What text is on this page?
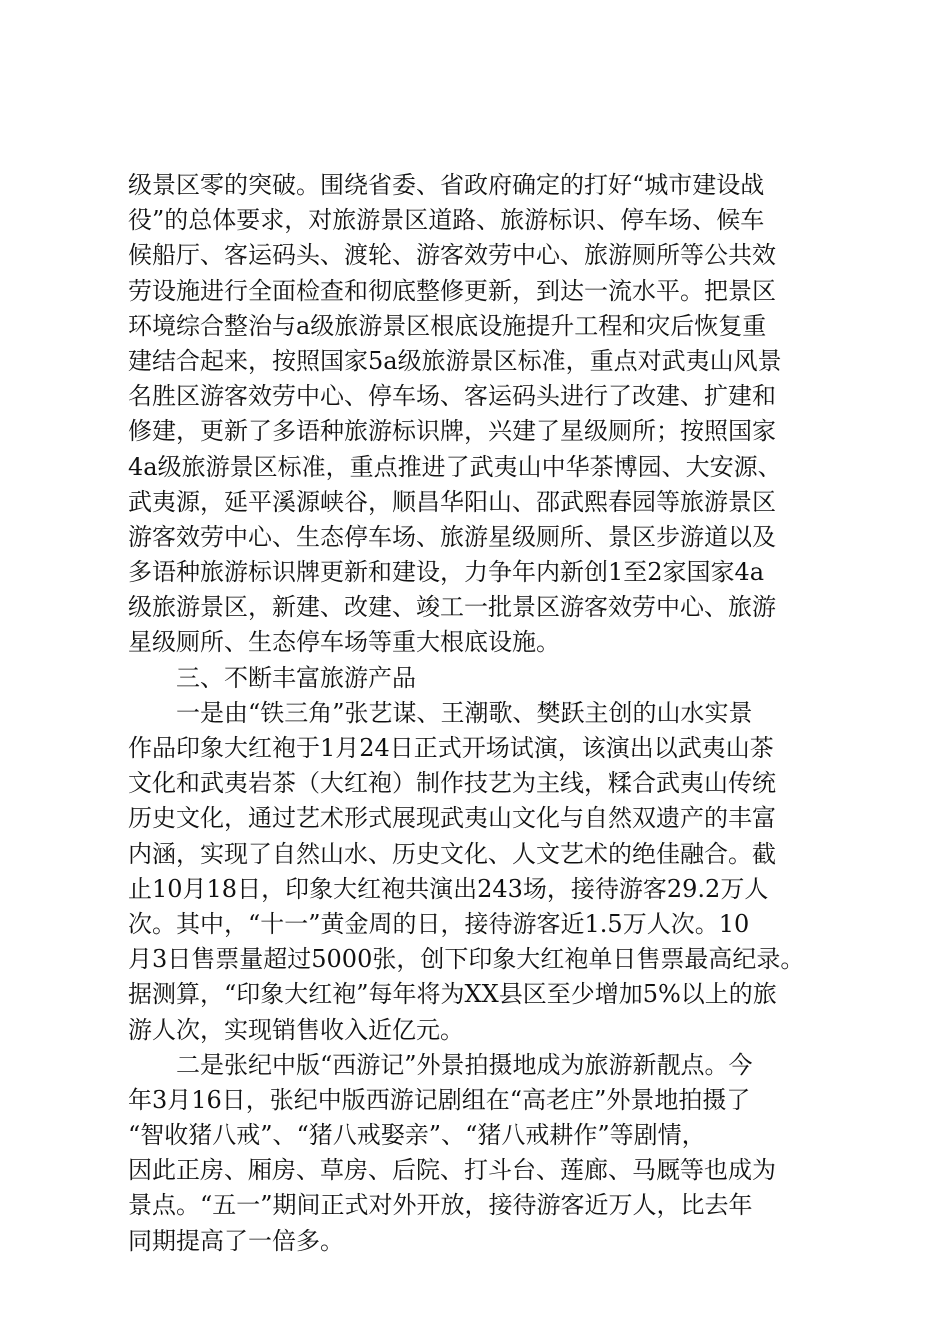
级景区零的突破。围绕省委、省政府确定的打好“城市建设战
役”的总体要求，对旅游景区道路、旅游标识、停车场、候车
候船厅、客运码头、渡轮、游客效劳中心、旅游厕所等公共效
劳设施进行全面检查和彻底整修更新，到达一流水平。把景区
环境综合整治与a级旅游景区根底设施提升工程和灾后恢复重
建结合起来，按照国家5a级旅游景区标准，重点对武夷山风景
名胜区游客效劳中心、停车场、客运码头进行了改建、扩建和
修建，更新了多语种旅游标识牌，兴建了星级厕所；按照国家
4a级旅游景区标准，重点推进了武夷山中华茶博园、大安源、
武夷源，延平溪源峡谷，顺昌华阳山、邵武熙春园等旅游景区
游客效劳中心、生态停车场、旅游星级厕所、景区步游道以及
多语种旅游标识牌更新和建设，力争年内新创1至2家国家4a
级旅游景区，新建、改建、竣工一批景区游客效劳中心、旅游
星级厕所、生态停车场等重大根底设施。
三、不断丰富旅游产品
一是由“铁三角”张艺谋、王潮歌、樊跃主创的山水实景
作品印象大红袍于1月24日正式开场试演，该演出以武夷山茶
文化和武夷岩茶（大红袍）制作技艺为主线，糅合武夷山传统
历史文化，通过艺术形式展现武夷山文化与自然双遗产的丰富
内涵，实现了自然山水、历史文化、人文艺术的绝佳融合。截
止10月18日，印象大红袍共演出243场，接待游客29.2万人
次。其中，“十一”黄金周的日，接待游客近1.5万人次。10
月3日售票量超过5000张，创下印象大红袍单日售票最高纪录。
据测算，“印象大红袍”每年将为XX县区至少增加5%以上的旅
游人次，实现销售收入近亿元。
二是张纪中版“西游记”外景拍摄地成为旅游新靓点。今
年3月16日，张纪中版西游记剧组在“高老庄”外景地拍摄了
“智收猪八戒”、“猪八戒娶亲”、“猪八戒耕作”等剧情，
因此正房、厢房、草房、后院、打斗台、莲廊、马厩等也成为
景点。“五一”期间正式对外开放，接待游客近万人，比去年
同期提高了一倍多。
